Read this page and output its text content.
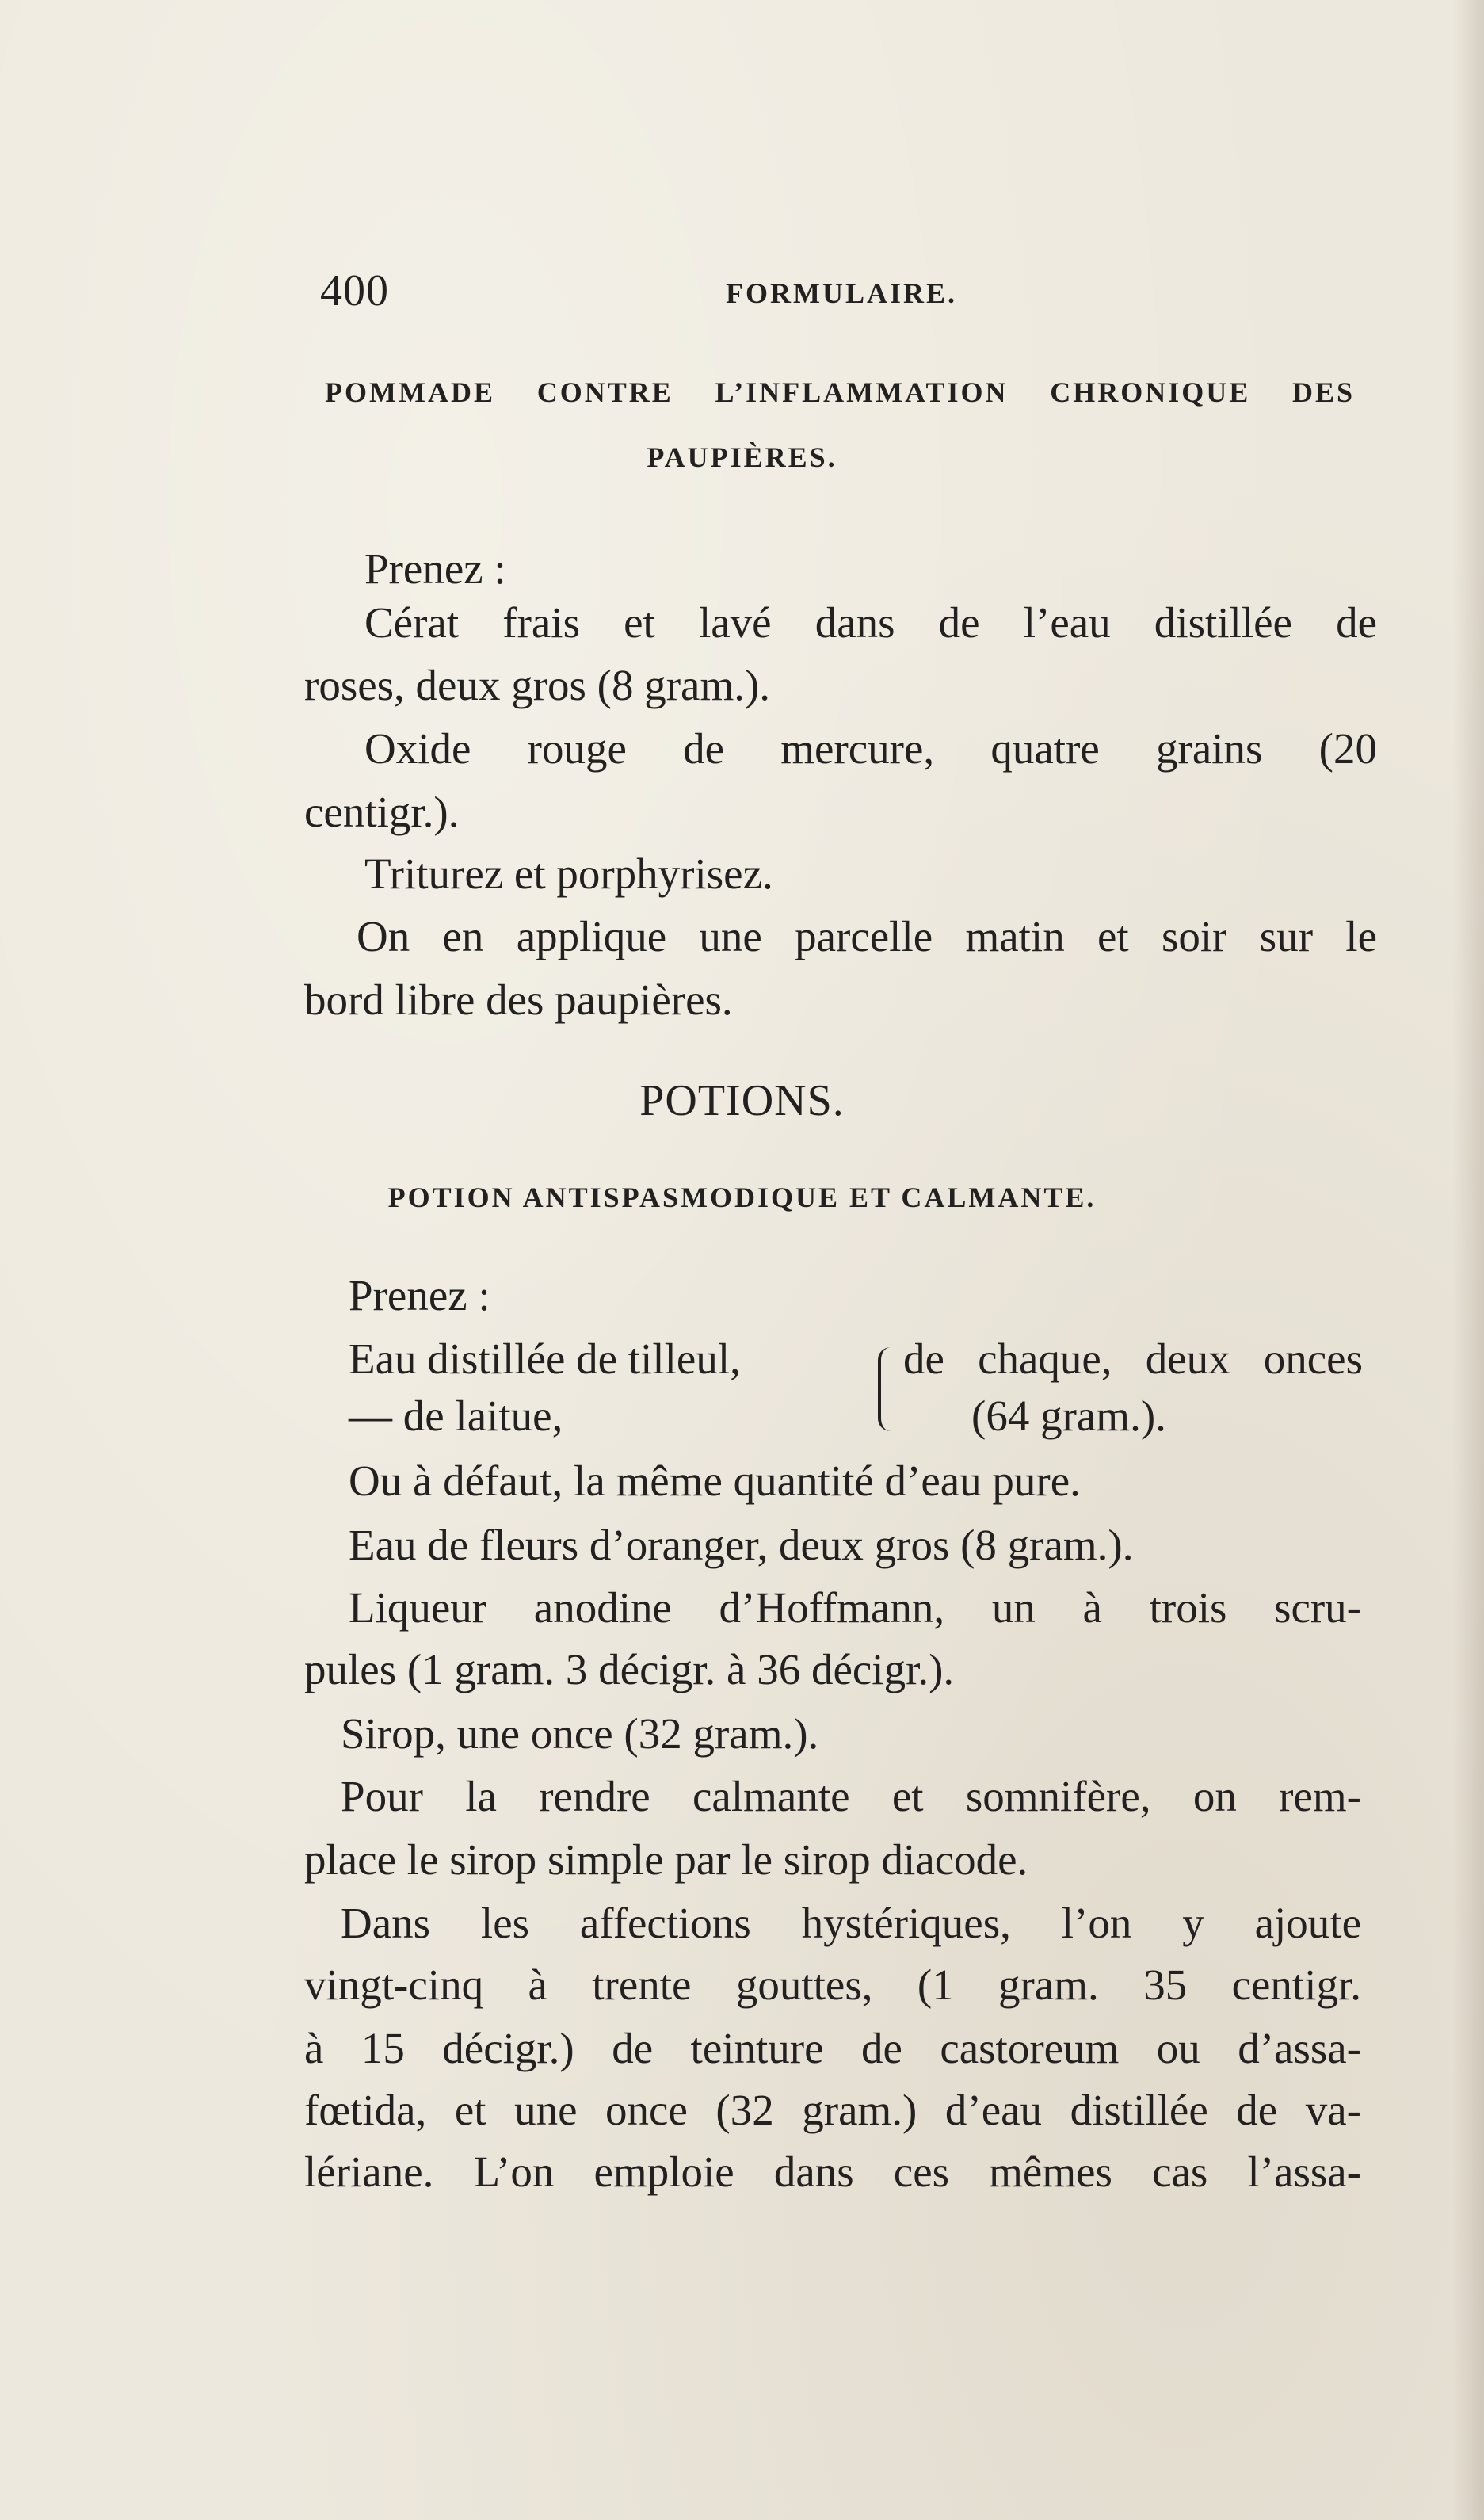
400	FORMULAIRE.
POMMADE CONTRE L’INFLAMMATION CHRONIQUE DES
PAUPIÈRES.
Prenez :
Cérat frais et lavé dans de l’eau distillée de
roses, deux gros (8 gram.).
Oxide rouge de mercure, quatre grains (20
centigr.).
Triturez et porphyrisez.
On en applique une parcelle matin et soir sur le
bord libre des paupières.
POTIONS.
POTION ANTISPASMODIQUE ET CALMANTE.
Prenez :
Eau distillée de tilleul,
— de laitue,
de chaque, deux onces
(64 gram.).
Ou à défaut, la même quantité d’eau pure.
Eau de fleurs d’oranger, deux gros (8 gram.).
Liqueur anodine d’Hoffmann, un à trois scru-
pules (1 gram. 3 décigr. à 36 décigr.).
Sirop, une once (32 gram.).
Pour la rendre calmante et somnifère, on rem-
place le sirop simple par le sirop diacode.
Dans les affections hystériques, l’on y ajoute
vingt-cinq à trente gouttes, (1 gram. 35 centigr.
à 15 décigr.) de teinture de castoreum ou d’assa-
fœtida, et une once (32 gram.) d’eau distillée de va-
lériane. L’on emploie dans ces mêmes cas l’assa-
